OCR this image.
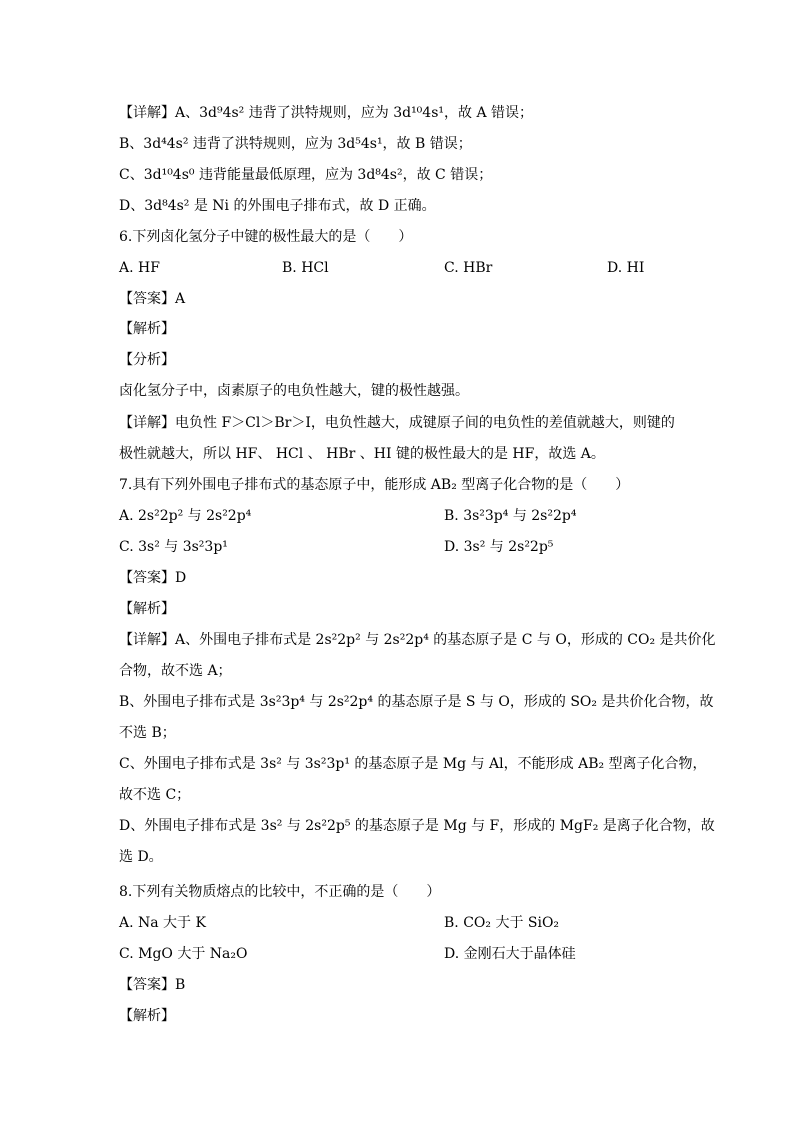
【详解】A、3d⁹4s² 违背了洪特规则，应为 3d¹⁰4s¹，故 A 错误；
B、3d⁴4s² 违背了洪特规则，应为 3d⁵4s¹，故 B 错误；
C、3d¹⁰4s⁰ 违背能量最低原理，应为 3d⁸4s²，故 C 错误；
D、3d⁸4s² 是 Ni 的外围电子排布式，故 D 正确。
6.下列卤化氢分子中键的极性最大的是（　　）
A. HF	B. HCl	C. HBr	D. HI
【答案】A
【解析】
【分析】
卤化氢分子中，卤素原子的电负性越大，键的极性越强。
【详解】电负性 F＞Cl＞Br＞I，电负性越大，成键原子间的电负性的差值就越大，则键的
极性就越大，所以 HF、 HCl 、 HBr 、HI 键的极性最大的是 HF，故选 A。
7.具有下列外围电子排布式的基态原子中，能形成 AB₂ 型离子化合物的是（　　）
A. 2s²2p² 与 2s²2p⁴	B. 3s²3p⁴ 与 2s²2p⁴
C. 3s² 与 3s²3p¹	D. 3s² 与 2s²2p⁵
【答案】D
【解析】
【详解】A、外围电子排布式是 2s²2p² 与 2s²2p⁴ 的基态原子是 C 与 O，形成的 CO₂ 是共价化
合物，故不选 A；
B、外围电子排布式是 3s²3p⁴ 与 2s²2p⁴ 的基态原子是 S 与 O，形成的 SO₂ 是共价化合物，故
不选 B；
C、外围电子排布式是 3s² 与 3s²3p¹ 的基态原子是 Mg 与 Al，不能形成 AB₂ 型离子化合物，
故不选 C；
D、外围电子排布式是 3s² 与 2s²2p⁵ 的基态原子是 Mg 与 F，形成的 MgF₂ 是离子化合物，故
选 D。
8.下列有关物质熔点的比较中，不正确的是（　　）
A. Na 大于 K	B. CO₂ 大于 SiO₂
C. MgO 大于 Na₂O	D. 金刚石大于晶体硅
【答案】B
【解析】
